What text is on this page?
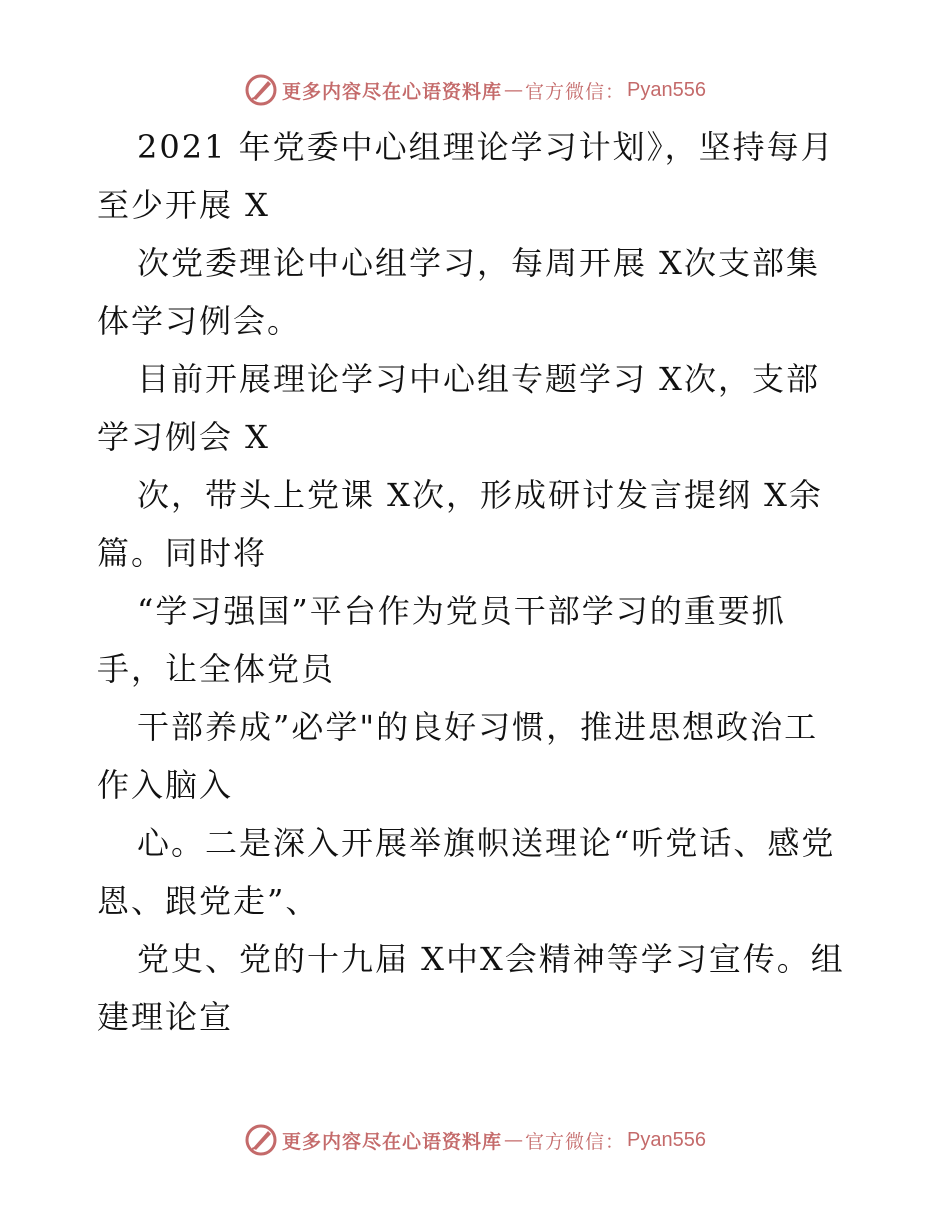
更多内容尽在心语资料库 — 官方微信： Pyan556
2021 年党委中心组理论学习计划》，坚持每月
至少开展 X
次党委理论中心组学习，每周开展 X次支部集
体学习例会。
目前开展理论学习中心组专题学习 X次，支部
学习例会 X
次，带头上党课 X次，形成研讨发言提纲 X余
篇。同时将
“学习强国”平台作为党员干部学习的重要抓
手，让全体党员
干部养成”必学"的良好习惯，推进思想政治工
作入脑入
心。二是深入开展举旗帜送理论“听党话、感党
恩、跟党走”、
党史、党的十九届 X中X会精神等学习宣传。组
建理论宣
更多内容尽在心语资料库 — 官方微信： Pyan556
